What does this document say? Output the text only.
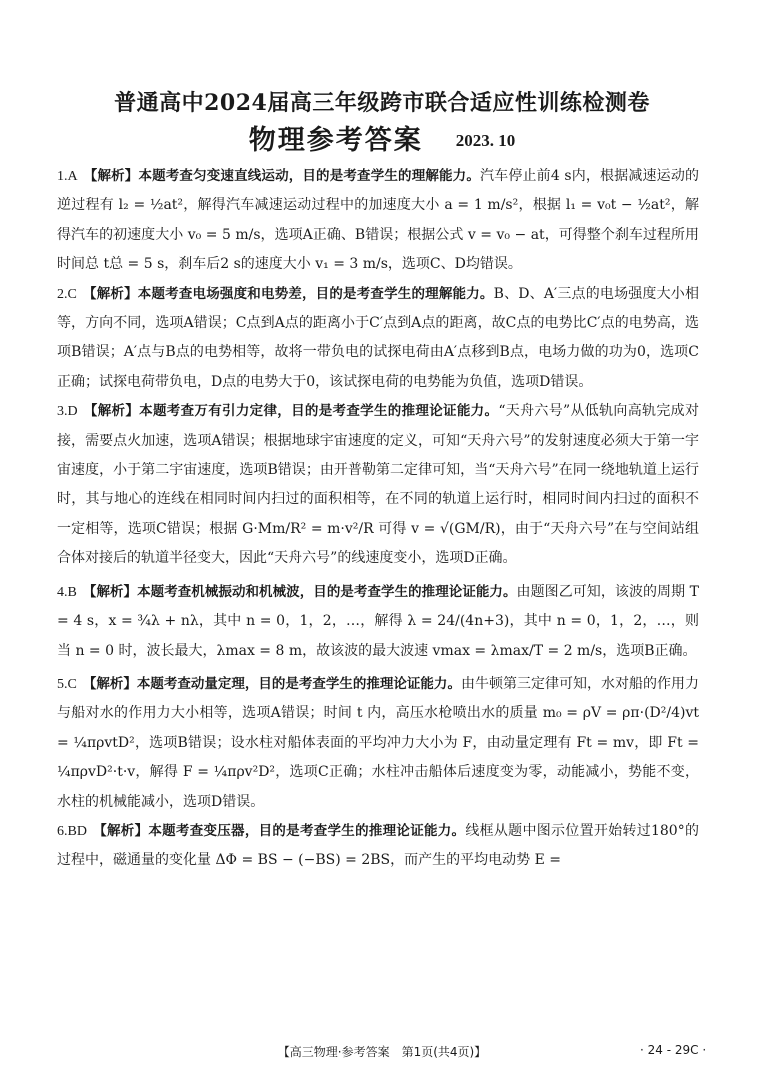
普通高中2024届高三年级跨市联合适应性训练检测卷
物理参考答案 2023. 10

1.A 【解析】本题考查匀变速直线运动，目的是考查学生的理解能力。汽车停止前4 s内，根据减速运动的逆过程有 l₂ = ½at²，解得汽车减速运动过程中的加速度大小 a = 1 m/s²，根据 l₁ = v₀t − ½at²，解得汽车的初速度大小 v₀ = 5 m/s，选项A正确、B错误；根据公式 v = v₀ − at，可得整个刹车过程所用时间总 t总 = 5 s，刹车后2 s的速度大小 v₁ = 3 m/s，选项C、D均错误。

2.C 【解析】本题考查电场强度和电势差，目的是考查学生的理解能力。B、D、A′三点的电场强度大小相等，方向不同，选项A错误；C点到A点的距离小于C′点到A点的距离，故C点的电势比C′点的电势高，选项B错误；A′点与B点的电势相等，故将一带负电的试探电荷由A′点移到B点，电场力做的功为0，选项C正确；试探电荷带负电，D点的电势大于0，该试探电荷的电势能为负值，选项D错误。

3.D 【解析】本题考查万有引力定律，目的是考查学生的推理论证能力。“天舟六号”从低轨向高轨完成对接，需要点火加速，选项A错误；根据地球宇宙速度的定义，可知“天舟六号”的发射速度必须大于第一宇宙速度，小于第二宇宙速度，选项B错误；由开普勒第二定律可知，当“天舟六号”在同一绕地轨道上运行时，其与地心的连线在相同时间内扫过的面积相等，在不同的轨道上运行时，相同时间内扫过的面积不一定相等，选项C错误；根据 G·Mm/R² = m·v²/R 可得 v = √(GM/R)，由于“天舟六号”在与空间站组合体对接后的轨道半径变大，因此“天舟六号”的线速度变小，选项D正确。

4.B 【解析】本题考查机械振动和机械波，目的是考查学生的推理论证能力。由题图乙可知，该波的周期 T = 4 s，x = ¾λ + nλ，其中 n = 0，1，2，…，解得 λ = 24/(4n+3)，其中 n = 0，1，2，…，则当 n = 0 时，波长最大，λmax = 8 m，故该波的最大波速 vmax = λmax/T = 2 m/s，选项B正确。

5.C 【解析】本题考查动量定理，目的是考查学生的推理论证能力。由牛顿第三定律可知，水对船的作用力与船对水的作用力大小相等，选项A错误；时间 t 内，高压水枪喷出水的质量 m₀ = ρV = ρπ·(D²/4)vt = ¼πρvtD²，选项B错误；设水柱对船体表面的平均冲力大小为 F，由动量定理有 Ft = mv，即 Ft = ¼πρvD²·t·v，解得 F = ¼πρv²D²，选项C正确；水柱冲击船体后速度变为零，动能减小，势能不变，水柱的机械能减小，选项D错误。

6.BD 【解析】本题考查变压器，目的是考查学生的推理论证能力。线框从题中图示位置开始转过180°的过程中，磁通量的变化量 ΔΦ = BS − (−BS) = 2BS，而产生的平均电动势 E =

【高三物理·参考答案　第1页(共4页)】	· 24 - 29C ·
